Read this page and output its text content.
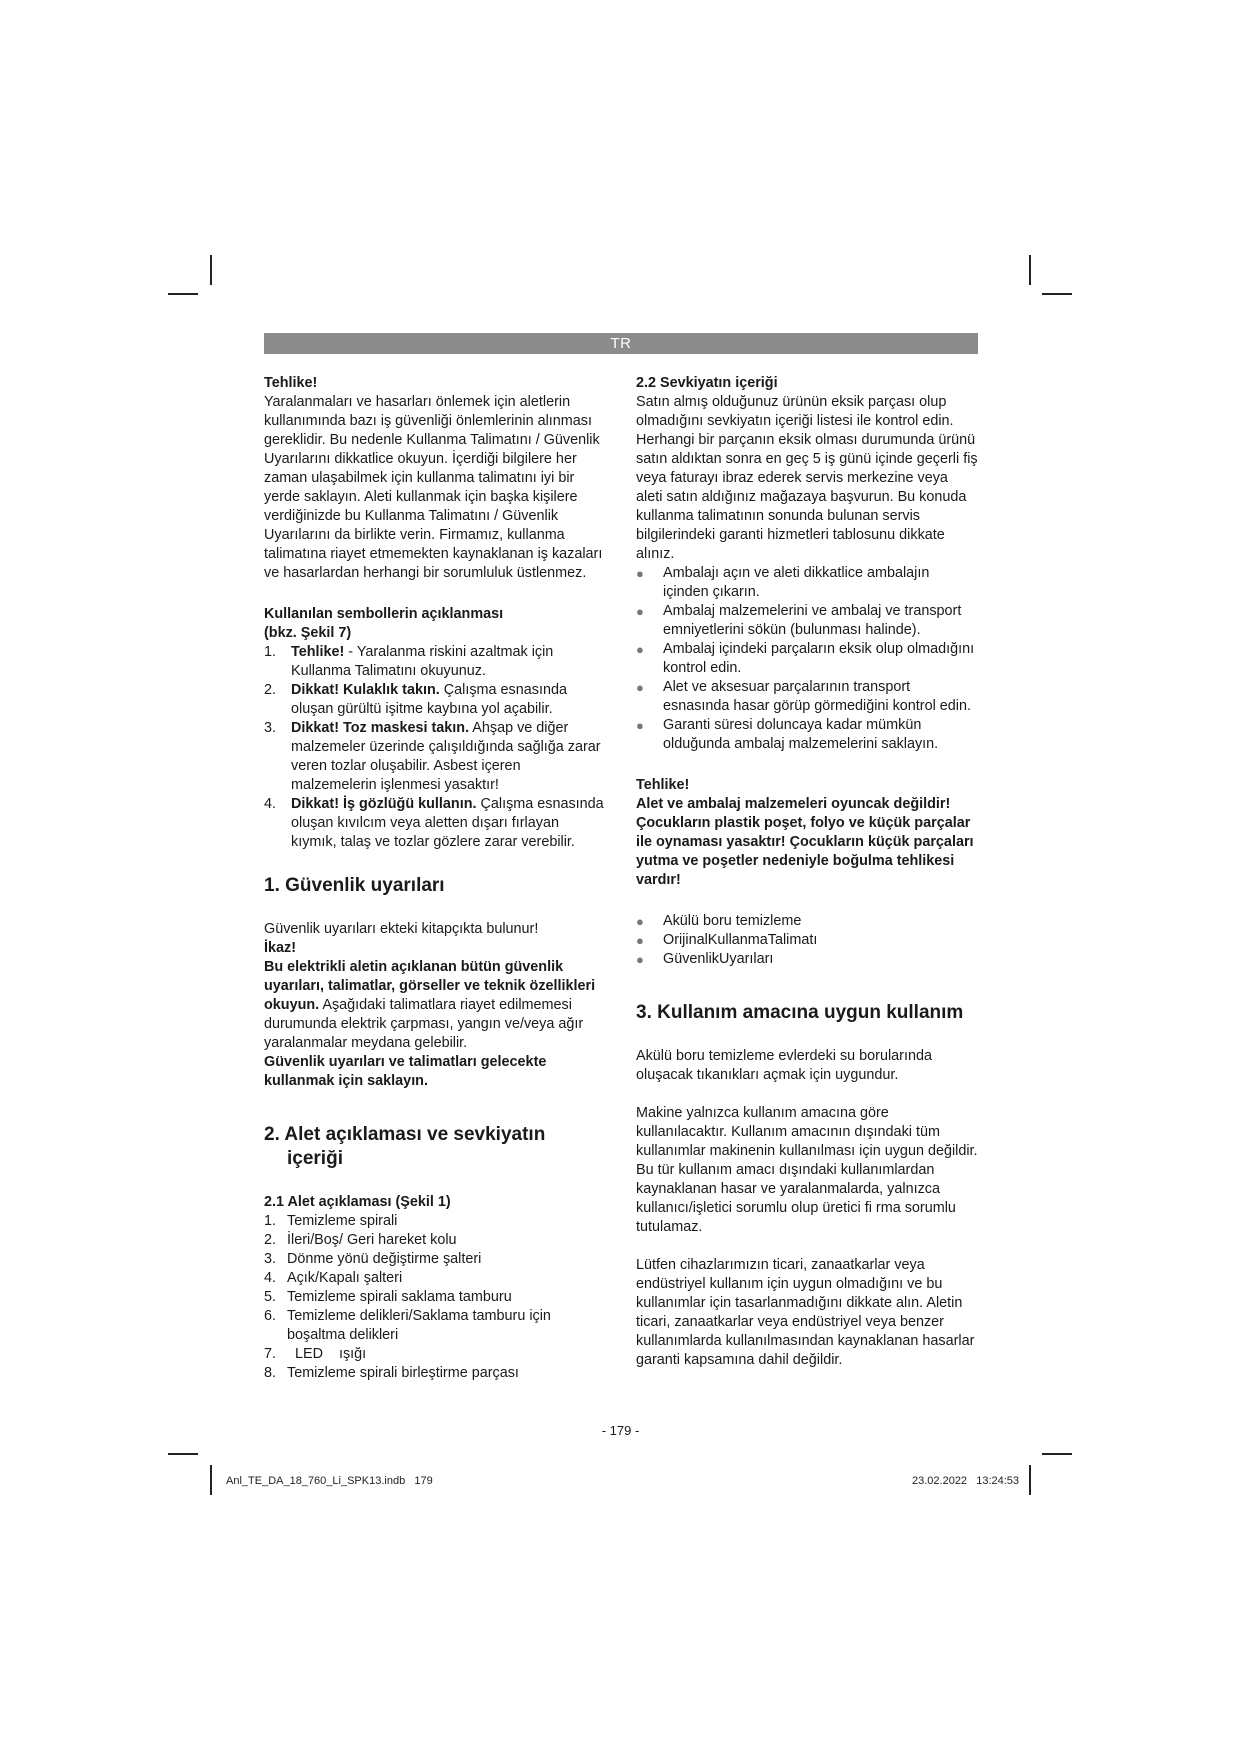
TR

Tehlike!

Yaralanmaları ve hasarları önlemek için aletlerin kullanımında bazı iş güvenliği önlemlerinin alınması gereklidir. Bu nedenle Kullanma Talimatını / Güvenlik Uyarılarını dikkatlice okuyun. İçerdiği bilgilere her zaman ulaşabilmek için kullanma talimatını iyi bir yerde saklayın. Aleti kullanmak için başka kişilere verdiğinizde bu Kullanma Talimatını / Güvenlik Uyarılarını da birlikte verin. Firmamız, kullanma talimatına riayet etmemekten kaynaklanan iş kazaları ve hasarlardan herhangi bir sorumluluk üstlenmez.

Kullanılan sembollerin açıklanması

(bkz. Şekil 7)

1. Tehlike! - Yaralanma riskini azaltmak için Kullanma Talimatını okuyunuz.
2. Dikkat! Kulaklık takın. Çalışma esnasında oluşan gürültü işitme kaybına yol açabilir.
3. Dikkat! Toz maskesi takın. Ahşap ve diğer malzemeler üzerinde çalışıldığında sağlığa zarar veren tozlar oluşabilir. Asbest içeren malzemelerin işlenmesi yasaktır!
4. Dikkat! İş gözlüğü kullanın. Çalışma esnasında oluşan kıvılcım veya aletten dışarı fırlayan kıymık, talaş ve tozlar gözlere zarar verebilir.

1. Güvenlik uyarıları

Güvenlik uyarıları ekteki kitapçıkta bulunur!

İkaz!

Bu elektrikli aletin açıklanan bütün güvenlik uyarıları, talimatlar, görseller ve teknik özellikleri okuyun. Aşağıdaki talimatlara riayet edilmemesi durumunda elektrik çarpması, yangın ve/veya ağır yaralanmalar meydana gelebilir.

Güvenlik uyarıları ve talimatları gelecekte kullanmak için saklayın.

2. Alet açıklaması ve sevkiyatın
içeriği

2.1 Alet açıklaması (Şekil 1)

1. Temizleme spirali
2. İleri/Boş/ Geri hareket kolu
3. Dönme yönü değiştirme şalteri
4. Açık/Kapalı şalteri
5. Temizleme spirali saklama tamburu
6. Temizleme delikleri/Saklama tamburu için boşaltma delikleri
7. LED    ışığı
8. Temizleme spirali birleştirme parçası

2.2 Sevkiyatın içeriği

Satın almış olduğunuz ürünün eksik parçası olup olmadığını sevkiyatın içeriği listesi ile kontrol edin. Herhangi bir parçanın eksik olması durumunda ürünü satın aldıktan sonra en geç 5 iş günü içinde geçerli fiş veya faturayı ibraz ederek servis merkezine veya aleti satın aldığınız mağazaya başvurun. Bu konuda kullanma talimatının sonunda bulunan servis bilgilerindeki garanti hizmetleri tablosunu dikkate alınız.

● Ambalajı açın ve aleti dikkatlice ambalajın içinden çıkarın.
● Ambalaj malzemelerini ve ambalaj ve transport emniyetlerini sökün (bulunması halinde).
● Ambalaj içindeki parçaların eksik olup olmadığını kontrol edin.
● Alet ve aksesuar parçalarının transport esnasında hasar görüp görmediğini kontrol edin.
● Garanti süresi doluncaya kadar mümkün olduğunda ambalaj malzemelerini saklayın.

Tehlike!

Alet ve ambalaj malzemeleri oyuncak değildir! Çocukların plastik poşet, folyo ve küçük parçalar ile oynaması yasaktır! Çocukların küçük parçaları yutma ve poşetler nedeniyle boğulma tehlikesi vardır!

● Akülü boru temizleme
● OrijinalKullanmaTalimatı
● GüvenlikUyarıları

3. Kullanım amacına uygun kullanım

Akülü boru temizleme evlerdeki su borularında oluşacak tıkanıkları açmak için uygundur.

Makine yalnızca kullanım amacına göre kullanılacaktır. Kullanım amacının dışındaki tüm kullanımlar makinenin kullanılması için uygun değildir. Bu tür kullanım amacı dışındaki kullanımlardan kaynaklanan hasar ve yaralanmalarda, yalnızca kullanıcı/işletici sorumlu olup üretici fi rma sorumlu tutulamaz.

Lütfen cihazlarımızın ticari, zanaatkarlar veya endüstriyel kullanım için uygun olmadığını ve bu kullanımlar için tasarlanmadığını dikkate alın. Aletin ticari, zanaatkarlar veya endüstriyel veya benzer kullanımlarda kullanılmasından kaynaklanan hasarlar garanti kapsamına dahil değildir.

- 179 -
Anl_TE_DA_18_760_Li_SPK13.indb   179	23.02.2022   13:24:53
